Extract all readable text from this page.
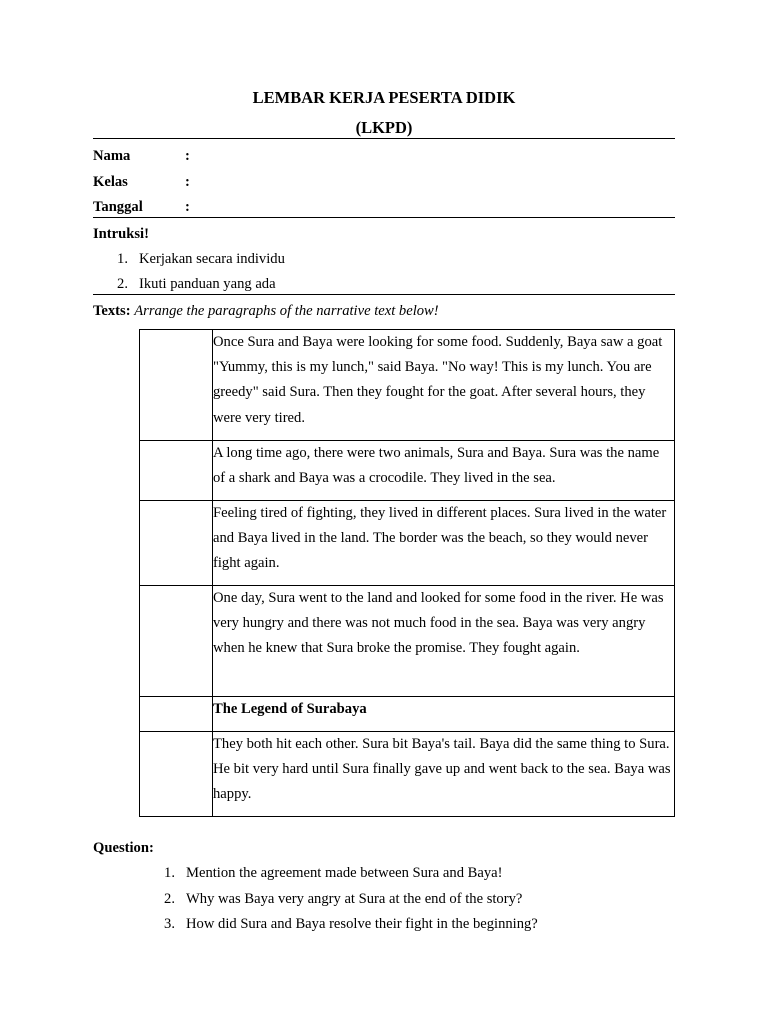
LEMBAR KERJA PESERTA DIDIK
(LKPD)
Nama	:
Kelas	:
Tanggal	:
Intruksi!
1. Kerjakan secara individu
2. Ikuti panduan yang ada
Texts: Arrange the paragraphs of the narrative text below!
	Once Sura and Baya were looking for some food. Suddenly, Baya saw a goat "Yummy, this is my lunch," said Baya. "No way! This is my lunch. You are greedy" said Sura. Then they fought for the goat. After several hours, they were very tired.
	A long time ago, there were two animals, Sura and Baya. Sura was the name of a shark and Baya was a crocodile. They lived in the sea.
	Feeling tired of fighting, they lived in different places. Sura lived in the water and Baya lived in the land. The border was the beach, so they would never fight again.
	One day, Sura went to the land and looked for some food in the river. He was very hungry and there was not much food in the sea. Baya was very angry when he knew that Sura broke the promise. They fought again.
	The Legend of Surabaya
	They both hit each other. Sura bit Baya's tail. Baya did the same thing to Sura. He bit very hard until Sura finally gave up and went back to the sea. Baya was happy.
Question:
1. Mention the agreement made between Sura and Baya!
2. Why was Baya very angry at Sura at the end of the story?
3. How did Sura and Baya resolve their fight in the beginning?
